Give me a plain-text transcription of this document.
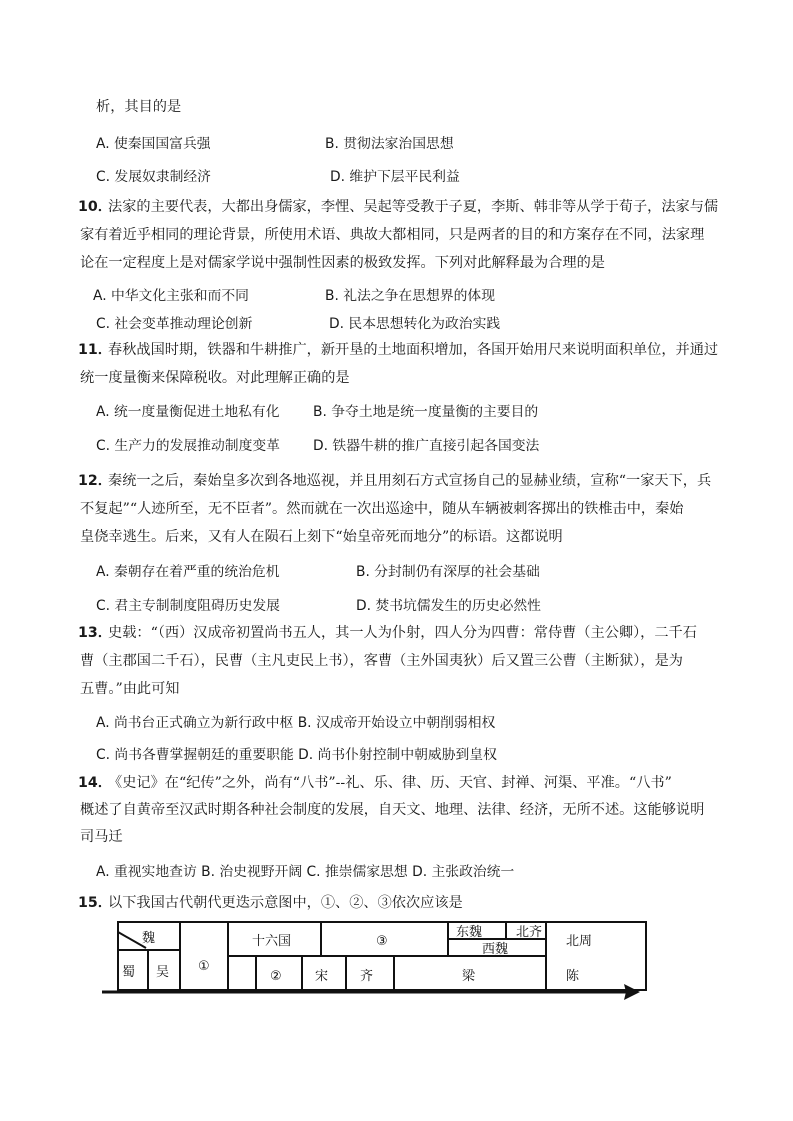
析，其目的是
A. 使秦国国富兵强	B. 贯彻法家治国思想
C. 发展奴隶制经济	D. 维护下层平民利益
10．
法家的主要代表，大都出身儒家，李悝、吴起等受教于子夏，李斯、韩非等从学于荀子，法家与儒
家有着近乎相同的理论背景，所使用术语、典故大都相同，只是两者的目的和方案存在不同，法家理
论在一定程度上是对儒家学说中强制性因素的极致发挥。下列对此解释最为合理的是
A. 中华文化主张和而不同	B. 礼法之争在思想界的体现
C. 社会变革推动理论创新	D. 民本思想转化为政治实践
11．
春秋战国时期，铁器和牛耕推广，新开垦的土地面积增加，各国开始用尺来说明面积单位，并通过
统一度量衡来保障税收。对此理解正确的是
A. 统一度量衡促进土地私有化 B. 争夺土地是统一度量衡的主要目的
C. 生产力的发展推动制度变革 D. 铁器牛耕的推广直接引起各国变法
12．
秦统一之后，秦始皇多次到各地巡视，并且用刻石方式宣扬自己的显赫业绩，宣称“一家天下，兵
不复起”“人迹所至，无不臣者”。然而就在一次出巡途中，随从车辆被刺客掷出的铁椎击中，秦始
皇侥幸逃生。后来，又有人在陨石上刻下“始皇帝死而地分”的标语。这都说明
A. 秦朝存在着严重的统治危机	B. 分封制仍有深厚的社会基础
C. 君主专制制度阻碍历史发展	D. 焚书坑儒发生的历史必然性
13．
史载：“（西）汉成帝初置尚书五人，其一人为仆射，四人分为四曹：常侍曹（主公卿），二千石
曹（主郡国二千石），民曹（主凡吏民上书），客曹（主外国夷狄）后又置三公曹（主断狱），是为
五曹。”由此可知
A. 尚书台正式确立为新行政中枢 B. 汉成帝开始设立中朝削弱相权
C. 尚书各曹掌握朝廷的重要职能 D. 尚书仆射控制中朝威胁到皇权
14．
《史记》在“纪传”之外，尚有“八书”--礼、乐、律、历、天官、封禅、河渠、平准。“八书”
概述了自黄帝至汉武时期各种社会制度的发展，自天文、地理、法律、经济，无所不述。这能够说明
司马迁
A. 重视实地查访 B. 治史视野开阔 C. 推崇儒家思想 D. 主张政治统一
15．
以下我国古代朝代更迭示意图中，①、②、③依次应该是
魏
蜀 吴 ①
十六国	③
东魏	北齐
西魏
北周
②	宋 齐	梁	陈
